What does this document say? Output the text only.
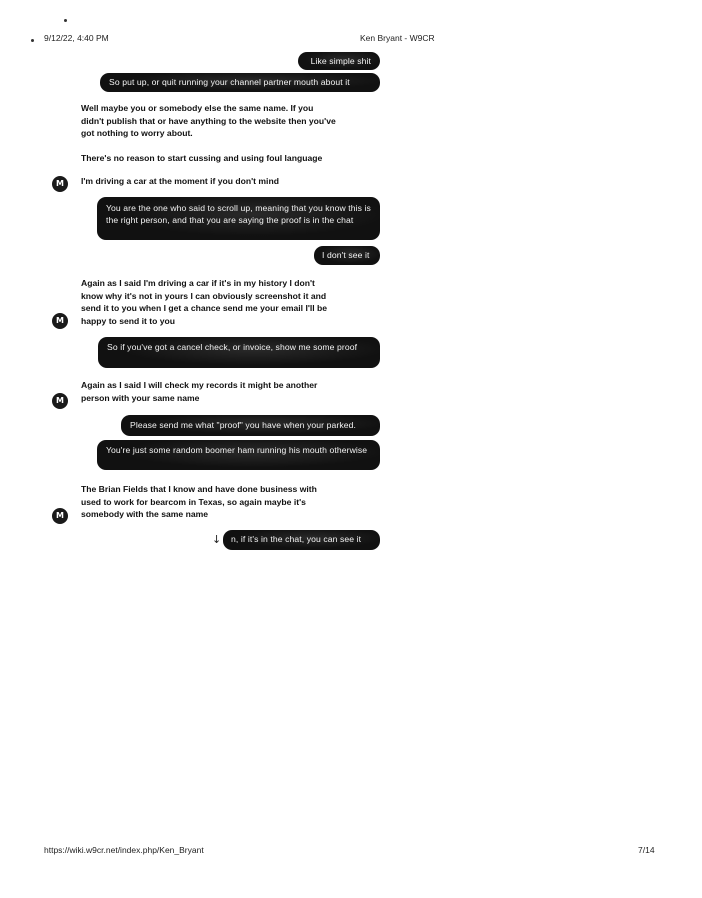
9/12/22, 4:40 PM	Ken Bryant - W9CR
Like simple shit
So put up, or quit running your channel partner mouth about it
Well maybe you or somebody else the same name. If you didn't publish that or have anything to the website then you've got nothing to worry about.
There's no reason to start cussing and using foul language
M	I'm driving a car at the moment if you don't mind
You are the one who said to scroll up, meaning that you know this is the right person, and that you are saying the proof is in the chat
I don't see it
Again as I said I'm driving a car if it's in my history I don't know why it's not in yours I can obviously screenshot it and send it to you when I get a chance send me your email I'll be happy to send it to you
M
So if you've got a cancel check, or invoice, show me some proof
Again as I said I will check my records it might be another person with your same name
M
Please send me what "proof" you have when your parked.
You're just some random boomer ham running his mouth otherwise
The Brian Fields that I know and have done business with used to work for bearcom in Texas, so again maybe it's somebody with the same name
M
↓	n, if it's in the chat, you can see it
https://wiki.w9cr.net/index.php/Ken_Bryant	7/14
